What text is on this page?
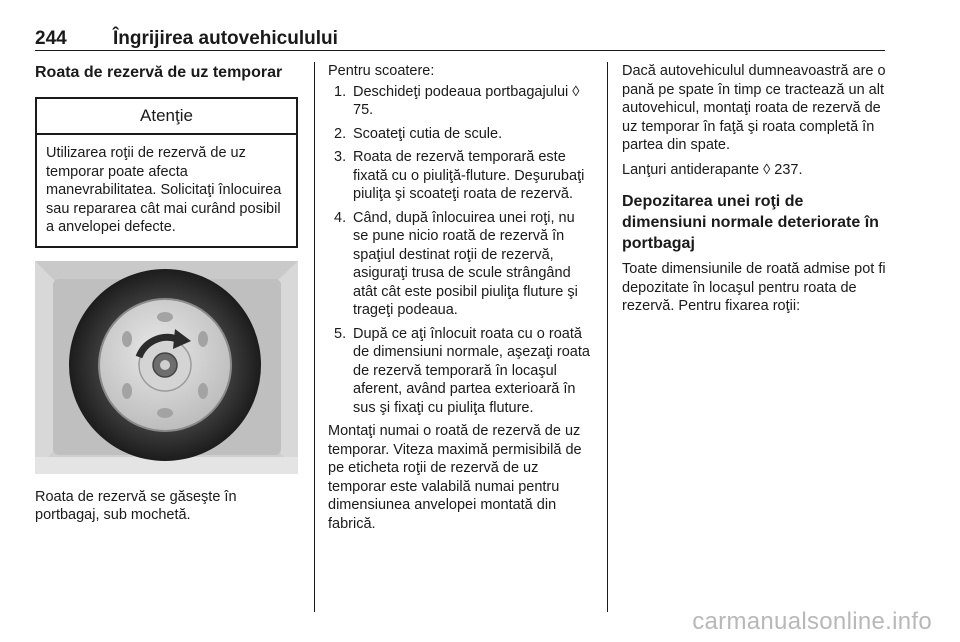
244 Îngrijirea autovehiculului
Roata de rezervă de uz temporar
Atenţie
Utilizarea roţii de rezervă de uz temporar poate afecta manevrabilitatea. Solicitaţi înlocuirea sau repararea cât mai curând posibil a anvelopei defecte.
Roata de rezervă se găseşte în portbagaj, sub mochetă.

Pentru scoatere:

1. Deschideţi podeaua portbagajului ◊ 75.
2. Scoateţi cutia de scule.
3. Roata de rezervă temporară este fixată cu o piuliţă-fluture. Deşurubaţi piuliţa şi scoateţi roata de rezervă.
4. Când, după înlocuirea unei roţi, nu se pune nicio roată de rezervă în spaţiul destinat roţii de rezervă, asiguraţi trusa de scule strângând atât cât este posibil piuliţa fluture şi trageţi podeaua.
5. După ce aţi înlocuit roata cu o roată de dimensiuni normale, aşezaţi roata de rezervă temporară în locaşul aferent, având partea exterioară în sus şi fixaţi cu piuliţa fluture.

Montaţi numai o roată de rezervă de uz temporar. Viteza maximă permisibilă de pe eticheta roţii de rezervă de uz temporar este valabilă numai pentru dimensiunea anvelopei montată din fabrică.

Dacă autovehiculul dumneavoastră are o pană pe spate în timp ce tractează un alt autovehicul, montaţi roata de rezervă de uz temporar în faţă şi roata completă în partea din spate.

Lanţuri antiderapante ◊ 237.

Depozitarea unei roţi de dimensiuni normale deteriorate în portbagaj

Toate dimensiunile de roată admise pot fi depozitate în locaşul pentru roata de rezervă. Pentru fixarea roţii:

carmanualsonline.info
